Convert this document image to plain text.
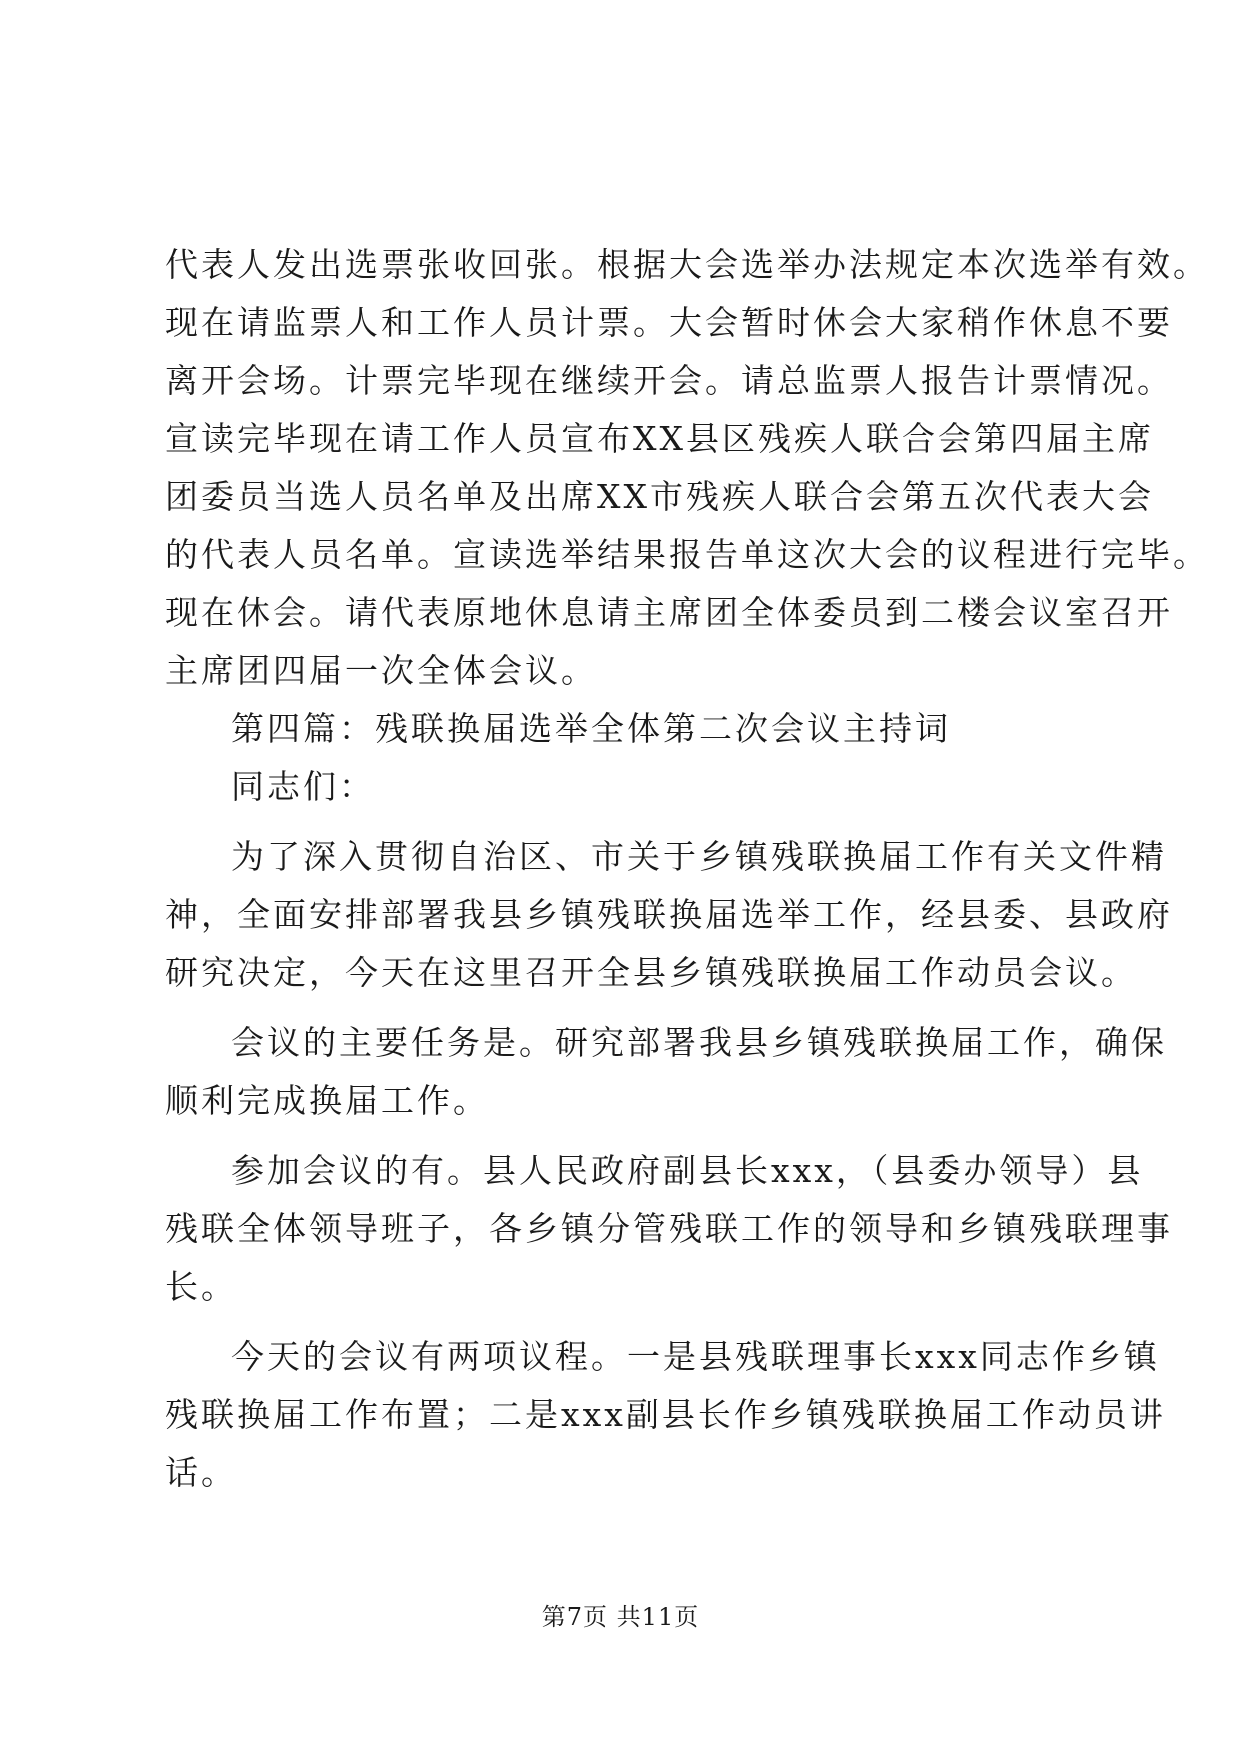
代表人发出选票张收回张。根据大会选举办法规定本次选举有效。
现在请监票人和工作人员计票。大会暂时休会大家稍作休息不要
离开会场。计票完毕现在继续开会。请总监票人报告计票情况。
宣读完毕现在请工作人员宣布XX县区残疾人联合会第四届主席
团委员当选人员名单及出席XX市残疾人联合会第五次代表大会
的代表人员名单。宣读选举结果报告单这次大会的议程进行完毕。
现在休会。请代表原地休息请主席团全体委员到二楼会议室召开
主席团四届一次全体会议。
第四篇：残联换届选举全体第二次会议主持词
同志们：
为了深入贯彻自治区、市关于乡镇残联换届工作有关文件精
神，全面安排部署我县乡镇残联换届选举工作，经县委、县政府
研究决定，今天在这里召开全县乡镇残联换届工作动员会议。
会议的主要任务是。研究部署我县乡镇残联换届工作，确保
顺利完成换届工作。
参加会议的有。县人民政府副县长xxx，（县委办领导）县
残联全体领导班子，各乡镇分管残联工作的领导和乡镇残联理事
长。
今天的会议有两项议程。一是县残联理事长xxx同志作乡镇
残联换届工作布置；二是xxx副县长作乡镇残联换届工作动员讲
话。
第7页 共11页
